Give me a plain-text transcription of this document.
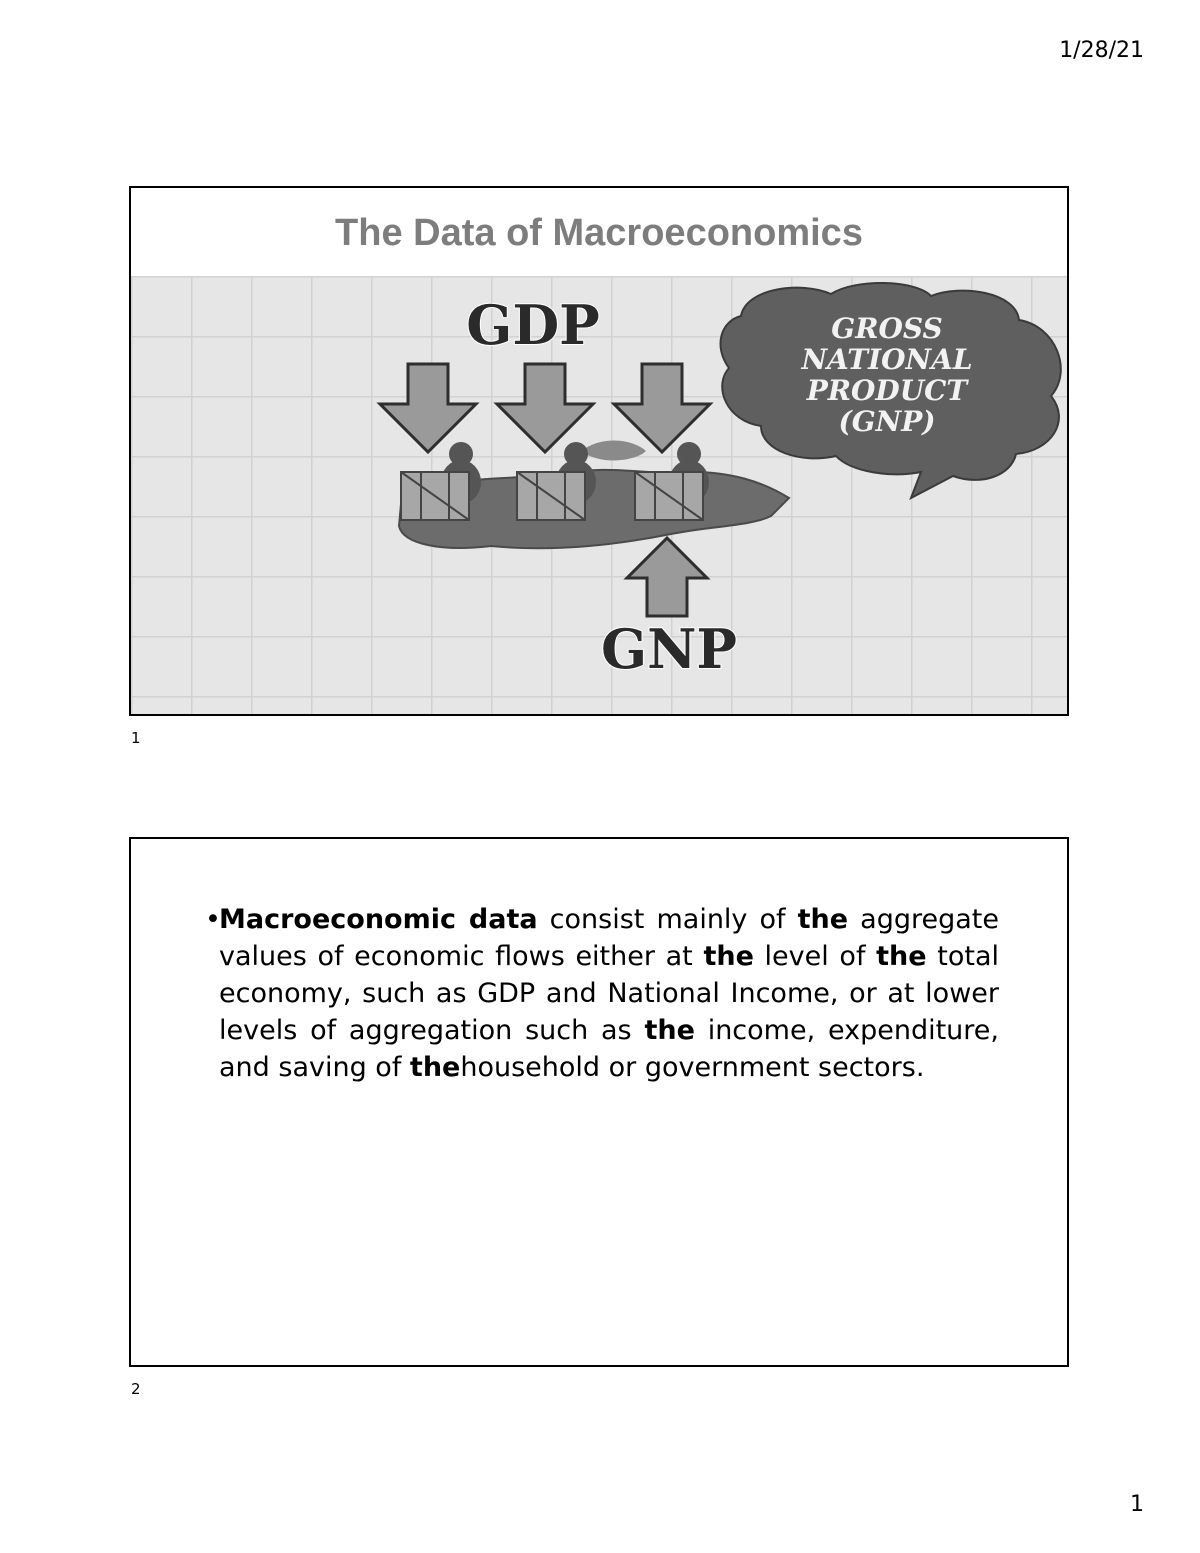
1/28/21
The Data of Macroeconomics
GDP
GNP
GROSS
NATIONAL
PRODUCT
(GNP)
1
•Macroeconomic data consist mainly of the aggregate values of economic flows either at the level of the total economy, such as GDP and National Income, or at lower levels of aggregation such as the income, expenditure, and saving of thehousehold or government sectors.
2
1
